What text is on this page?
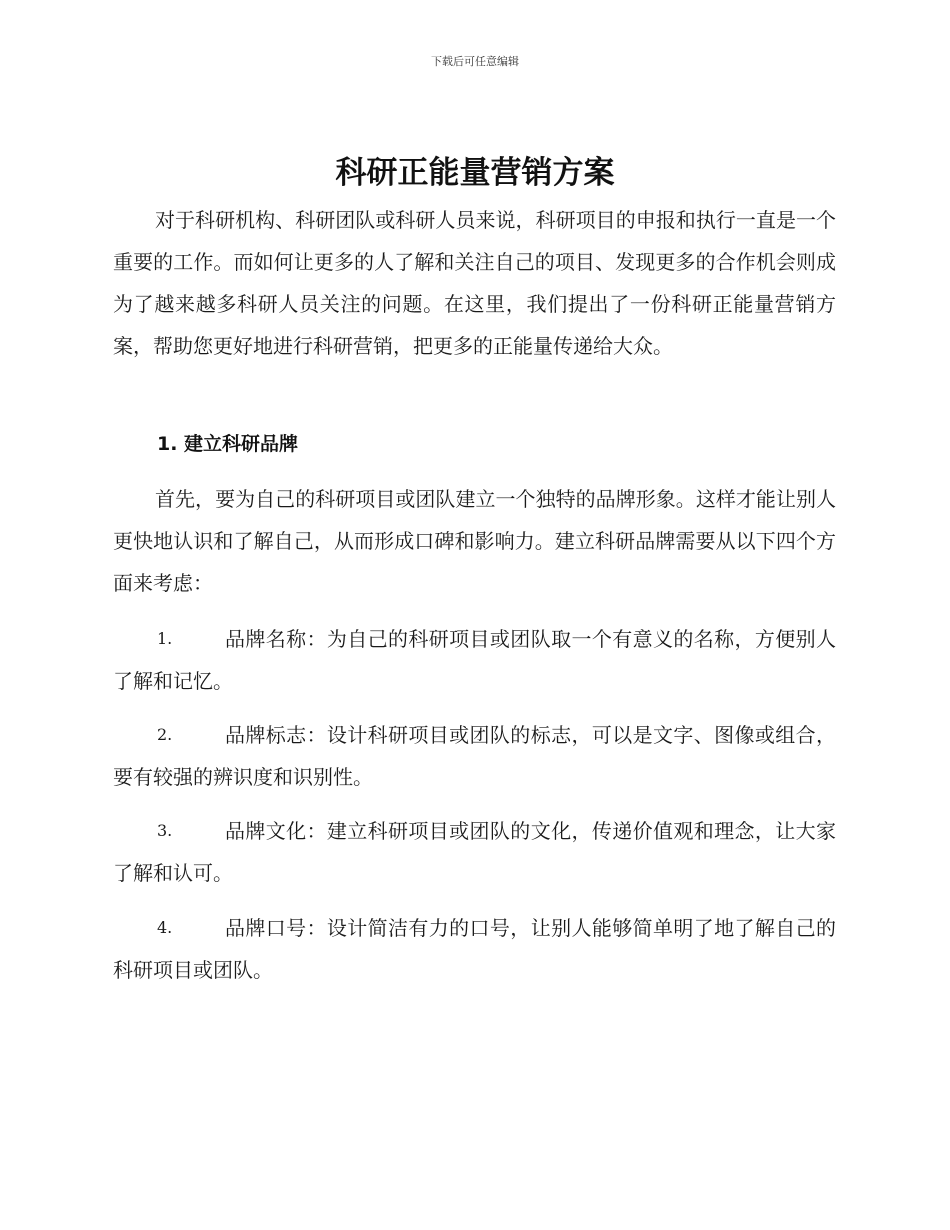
下载后可任意编辑
科研正能量营销方案

对于科研机构、科研团队或科研人员来说，科研项目的申报和执行一直是一个重要的工作。而如何让更多的人了解和关注自己的项目、发现更多的合作机会则成为了越来越多科研人员关注的问题。在这里，我们提出了一份科研正能量营销方案，帮助您更好地进行科研营销，把更多的正能量传递给大众。

1. 建立科研品牌

首先，要为自己的科研项目或团队建立一个独特的品牌形象。这样才能让别人更快地认识和了解自己，从而形成口碑和影响力。建立科研品牌需要从以下四个方面来考虑：

1.	品牌名称：为自己的科研项目或团队取一个有意义的名称，方便别人了解和记忆。
2.	品牌标志：设计科研项目或团队的标志，可以是文字、图像或组合，要有较强的辨识度和识别性。
3.	品牌文化：建立科研项目或团队的文化，传递价值观和理念，让大家了解和认可。
4.	品牌口号：设计简洁有力的口号，让别人能够简单明了地了解自己的科研项目或团队。
